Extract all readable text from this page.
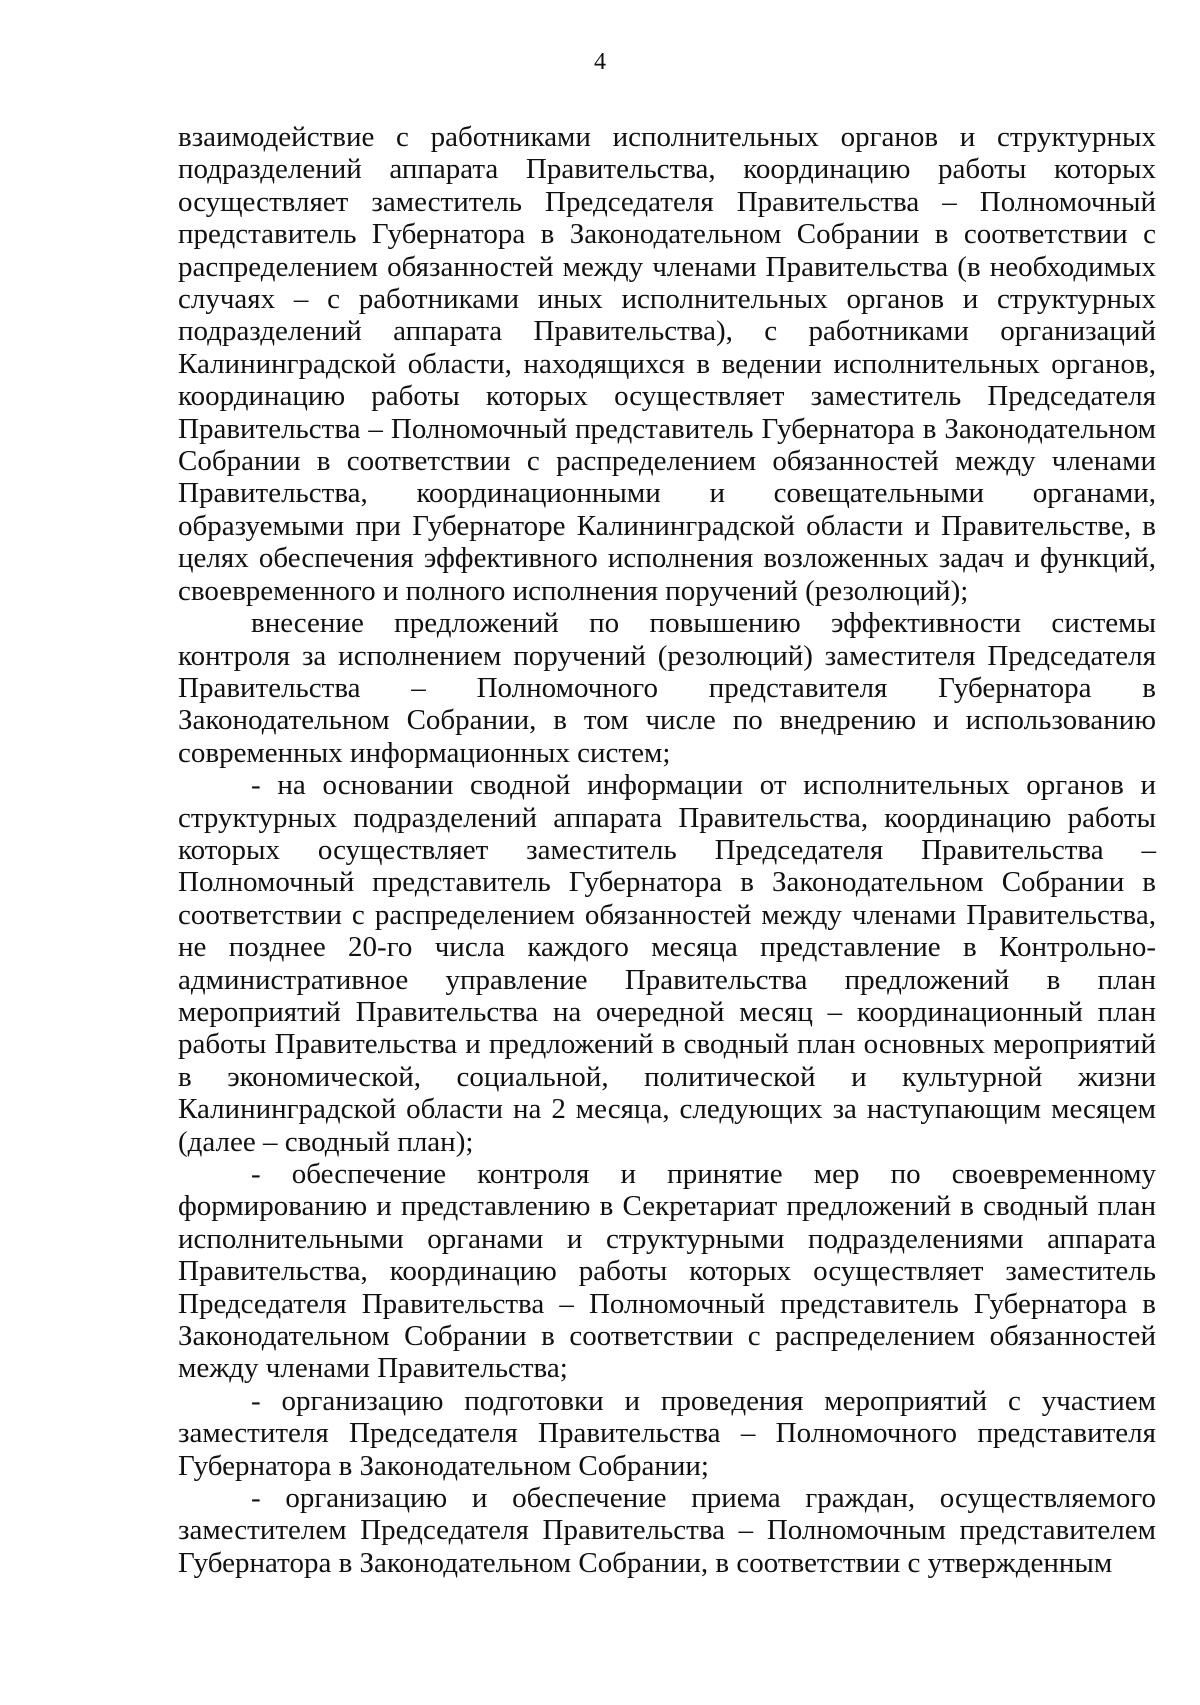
4

взаимодействие с работниками исполнительных органов и структурных подразделений аппарата Правительства, координацию работы которых осуществляет заместитель Председателя Правительства – Полномочный представитель Губернатора в Законодательном Собрании в соответствии с распределением обязанностей между членами Правительства (в необходимых случаях – с работниками иных исполнительных органов и структурных подразделений аппарата Правительства), с работниками организаций Калининградской области, находящихся в ведении исполнительных органов, координацию работы которых осуществляет заместитель Председателя Правительства – Полномочный представитель Губернатора в Законодательном Собрании в соответствии с распределением обязанностей между членами Правительства, координационными и совещательными органами, образуемыми при Губернаторе Калининградской области и Правительстве, в целях обеспечения эффективного исполнения возложенных задач и функций, своевременного и полного исполнения поручений (резолюций);

внесение предложений по повышению эффективности системы контроля за исполнением поручений (резолюций) заместителя Председателя Правительства – Полномочного представителя Губернатора в Законодательном Собрании, в том числе по внедрению и использованию современных информационных систем;

- на основании сводной информации от исполнительных органов и структурных подразделений аппарата Правительства, координацию работы которых осуществляет заместитель Председателя Правительства – Полномочный представитель Губернатора в Законодательном Собрании в соответствии с распределением обязанностей между членами Правительства, не позднее 20-го числа каждого месяца представление в Контрольно-административное управление Правительства предложений в план мероприятий Правительства на очередной месяц – координационный план работы Правительства и предложений в сводный план основных мероприятий в экономической, социальной, политической и культурной жизни Калининградской области на 2 месяца, следующих за наступающим месяцем (далее – сводный план);

- обеспечение контроля и принятие мер по своевременному формированию и представлению в Секретариат предложений в сводный план исполнительными органами и структурными подразделениями аппарата Правительства, координацию работы которых осуществляет заместитель Председателя Правительства – Полномочный представитель Губернатора в Законодательном Собрании в соответствии с распределением обязанностей между членами Правительства;

- организацию подготовки и проведения мероприятий с участием заместителя Председателя Правительства – Полномочного представителя Губернатора в Законодательном Собрании;

- организацию и обеспечение приема граждан, осуществляемого заместителем Председателя Правительства – Полномочным представителем Губернатора в Законодательном Собрании, в соответствии с утвержденным
